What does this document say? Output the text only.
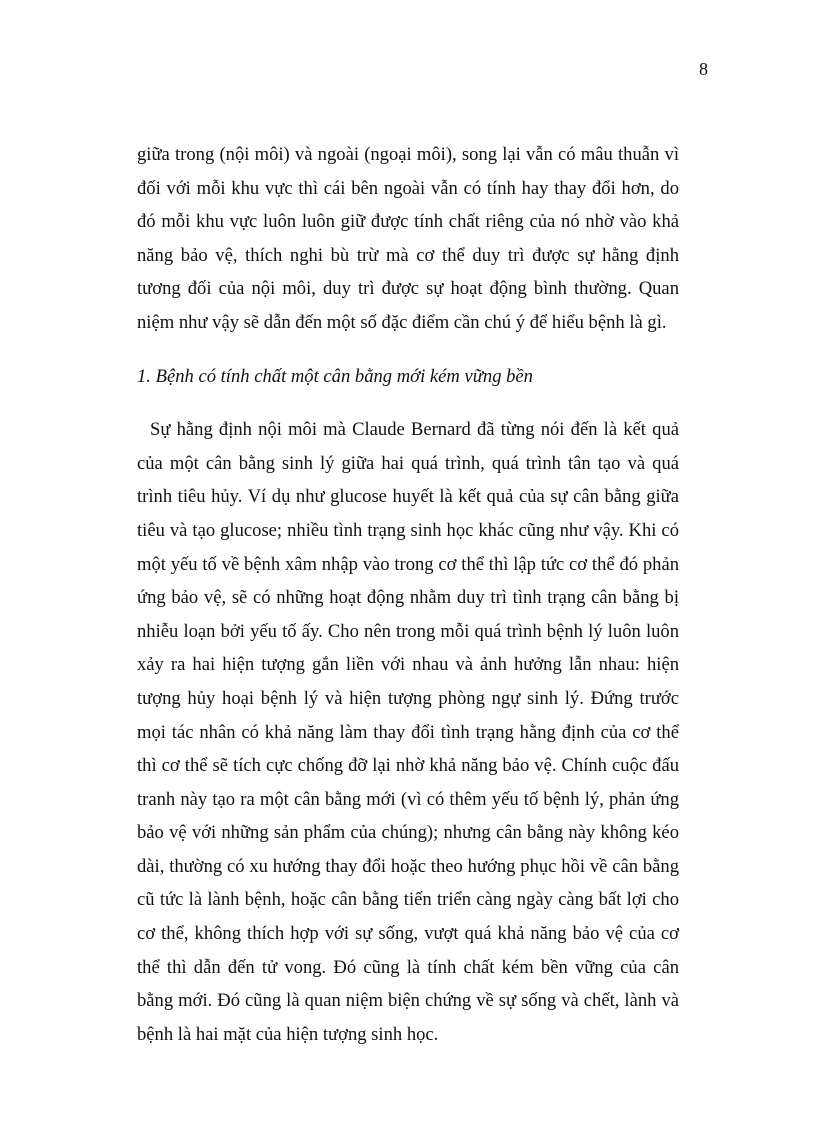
8

giữa trong (nội môi) và ngoài (ngoại môi), song lại vẫn có mâu thuẫn vì đối với mỗi khu vực thì cái bên ngoài vẫn có tính hay thay đổi hơn, do đó mỗi khu vực luôn luôn giữ được tính chất riêng của nó nhờ vào khả năng bảo vệ, thích nghi bù trừ mà cơ thể duy trì được sự hằng định tương đối của nội môi, duy trì được sự hoạt động bình thường. Quan niệm như vậy sẽ dẫn đến một số đặc điểm cần chú ý để hiểu bệnh là gì.

1. Bệnh có tính chất một cân bằng mới kém vững bền

Sự hằng định nội môi mà Claude Bernard đã từng nói đến là kết quả của một cân bằng sinh lý giữa hai quá trình, quá trình tân tạo và quá trình tiêu hủy. Ví dụ như glucose huyết là kết quả của sự cân bằng giữa tiêu và tạo glucose; nhiều tình trạng sinh học khác cũng như vậy. Khi có một yếu tố về bệnh xâm nhập vào trong cơ thể thì lập tức cơ thể đó phản ứng bảo vệ, sẽ có những hoạt động nhằm duy trì tình trạng cân bằng bị nhiễu loạn bởi yếu tố ấy. Cho nên trong mỗi quá trình bệnh lý luôn luôn xảy ra hai hiện tượng gắn liền với nhau và ảnh hưởng lẫn nhau: hiện tượng hủy hoại bệnh lý và hiện tượng phòng ngự sinh lý. Đứng trước mọi tác nhân có khả năng làm thay đổi tình trạng hằng định của cơ thể thì cơ thể sẽ tích cực chống đỡ lại nhờ khả năng bảo vệ. Chính cuộc đấu tranh này tạo ra một cân bằng mới (vì có thêm yếu tố bệnh lý, phản ứng bảo vệ với những sản phẩm của chúng); nhưng cân bằng này không kéo dài, thường có xu hướng thay đổi hoặc theo hướng phục hồi về cân bằng cũ tức là lành bệnh, hoặc cân bằng tiến triển càng ngày càng bất lợi cho cơ thể, không thích hợp với sự sống, vượt quá khả năng bảo vệ của cơ thể thì dẫn đến tử vong. Đó cũng là tính chất kém bền vững của cân bằng mới. Đó cũng là quan niệm biện chứng về sự sống và chết, lành và bệnh là hai mặt của hiện tượng sinh học.
